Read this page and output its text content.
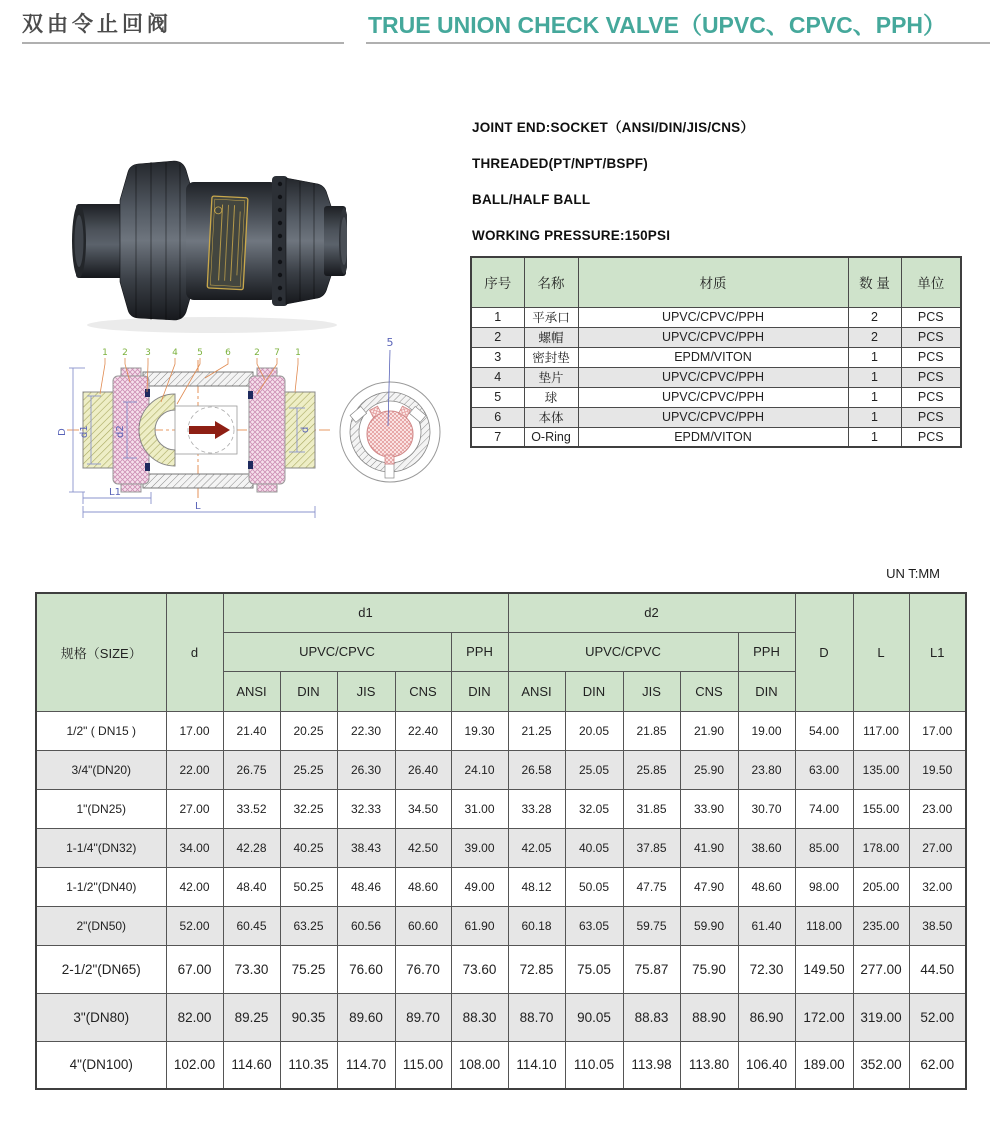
双由令止回阀	TRUE UNION CHECK VALVE（UPVC、CPVC、PPH）
JOINT END:SOCKET（ANSI/DIN/JIS/CNS）
THREADED(PT/NPT/BSPF)
BALL/HALF BALL
WORKING PRESSURE:150PSI
序号	名称	材质	数 量	单位
1	平承口	UPVC/CPVC/PPH	2	PCS
2	螺帽	UPVC/CPVC/PPH	2	PCS
3	密封垫	EPDM/VITON	1	PCS
4	垫片	UPVC/CPVC/PPH	1	PCS
5	球	UPVC/CPVC/PPH	1	PCS
6	本体	UPVC/CPVC/PPH	1	PCS
7	O-Ring	EPDM/VITON	1	PCS
D d1	d2	d
L1
L
1 2 3 4 5 6	2 7 1
5
UN T:MM
规格（SIZE）	d	d1					d2					D	L	L1
		UPVC/CPVC				PPH	UPVC/CPVC				PPH			
		ANSI	DIN	JIS	CNS	DIN	ANSI	DIN	JIS	CNS	DIN			
1/2" ( DN15 )	17.00	21.40	20.25	22.30	22.40	19.30	21.25	20.05	21.85	21.90	19.00	54.00	117.00	17.00
3/4"(DN20)	22.00	26.75	25.25	26.30	26.40	24.10	26.58	25.05	25.85	25.90	23.80	63.00	135.00	19.50
1"(DN25)	27.00	33.52	32.25	32.33	34.50	31.00	33.28	32.05	31.85	33.90	30.70	74.00	155.00	23.00
1-1/4"(DN32)	34.00	42.28	40.25	38.43	42.50	39.00	42.05	40.05	37.85	41.90	38.60	85.00	178.00	27.00
1-1/2"(DN40)	42.00	48.40	50.25	48.46	48.60	49.00	48.12	50.05	47.75	47.90	48.60	98.00	205.00	32.00
2"(DN50)	52.00	60.45	63.25	60.56	60.60	61.90	60.18	63.05	59.75	59.90	61.40	118.00	235.00	38.50
2-1/2"(DN65)	67.00	73.30	75.25	76.60	76.70	73.60	72.85	75.05	75.87	75.90	72.30	149.50	277.00	44.50
3"(DN80)	82.00	89.25	90.35	89.60	89.70	88.30	88.70	90.05	88.83	88.90	86.90	172.00	319.00	52.00
4"(DN100)	102.00	114.60	110.35	114.70	115.00	108.00	114.10	110.05	113.98	113.80	106.40	189.00	352.00	62.00
